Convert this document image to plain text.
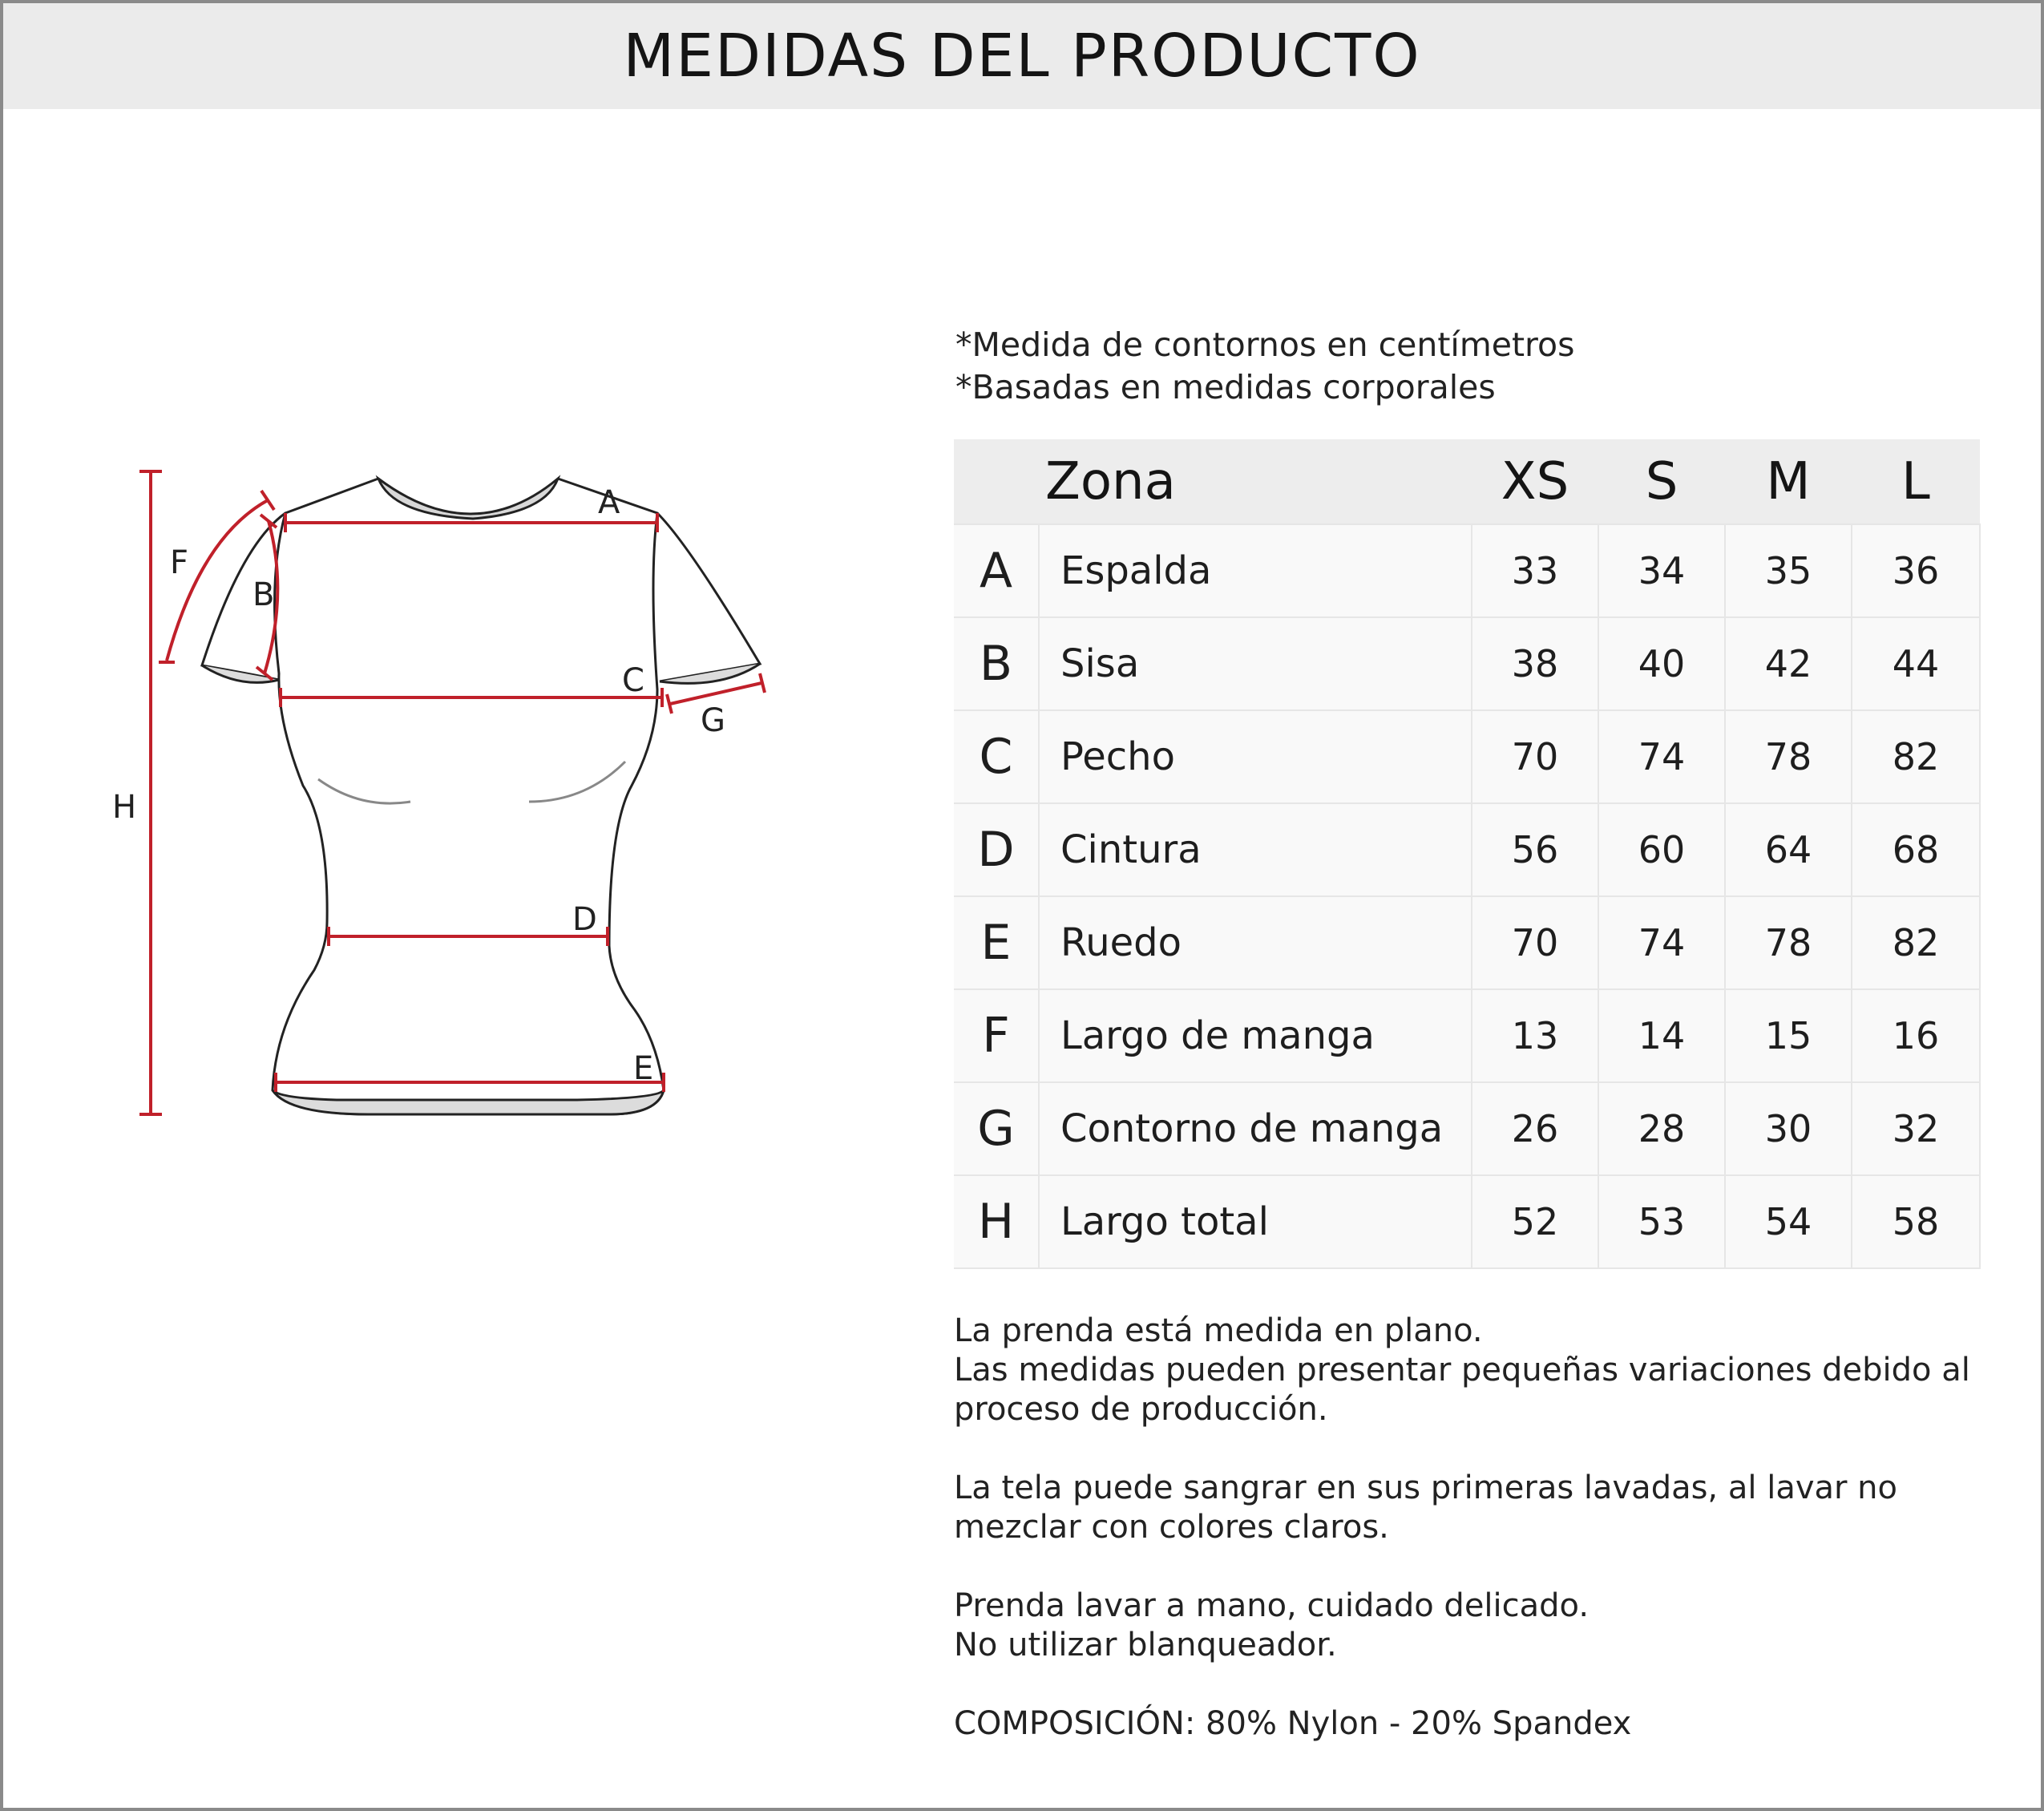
MEDIDAS DEL PRODUCTO
A
B
F
C
G
D
E
H
*Medida de contornos en centímetros
*Basadas en medidas corporales
Zona		XS	S	M	L
A	Espalda	33	34	35	36
B	Sisa	38	40	42	44
C	Pecho	70	74	78	82
D	Cintura	56	60	64	68
E	Ruedo	70	74	78	82
F	Largo de manga	13	14	15	16
G	Contorno de manga	26	28	30	32
H	Largo total	52	53	54	58

La prenda está medida en plano.
Las medidas pueden presentar pequeñas variaciones debido al
proceso de producción.

La tela puede sangrar en sus primeras lavadas, al lavar no
mezclar con colores claros.

Prenda lavar a mano, cuidado delicado.
No utilizar blanqueador.

COMPOSICIÓN: 80% Nylon - 20% Spandex
